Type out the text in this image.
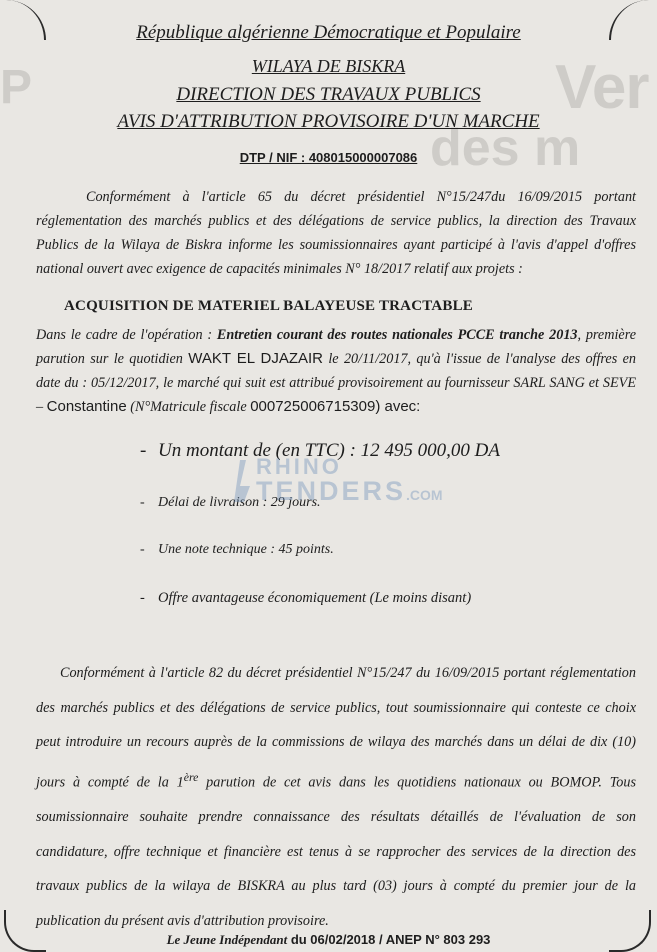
Ver
des m
P
République algérienne Démocratique et Populaire
WILAYA DE BISKRA
DIRECTION DES TRAVAUX PUBLICS
AVIS D'ATTRIBUTION PROVISOIRE D'UN MARCHE
DTP / NIF : 408015000007086
Conformément à l'article 65 du décret présidentiel N°15/247du 16/09/2015 portant réglementation des marchés publics et des délégations de service publics, la direction des Travaux Publics de la Wilaya de Biskra informe les soumissionnaires ayant participé à l'avis d'appel d'offres national ouvert avec exigence de capacités minimales N° 18/2017 relatif aux projets :
ACQUISITION DE MATERIEL BALAYEUSE TRACTABLE
Dans le cadre de l'opération : Entretien courant des routes nationales PCCE tranche 2013, première parution sur le quotidien WAKT EL DJAZAIR le 20/11/2017, qu'à l'issue de l'analyse des offres en date du : 05/12/2017, le marché qui suit est attribué provisoirement au fournisseur SARL SANG et SEVE – Constantine (N°Matricule fiscale 000725006715309) avec:
- Un montant de (en TTC) : 12 495 000,00 DA
- Délai de livraison : 29 jours.
- Une note technique : 45 points.
- Offre avantageuse économiquement (Le moins disant)
RHINO
TENDERS.COM
Conformément à l'article 82 du décret présidentiel N°15/247 du 16/09/2015 portant réglementation des marchés publics et des délégations de service publics, tout soumissionnaire qui conteste ce choix peut introduire un recours auprès de la commissions de wilaya des marchés dans un délai de dix (10) jours à compté de la 1ère parution de cet avis dans les quotidiens nationaux ou BOMOP. Tous soumissionnaire souhaite prendre connaissance des résultats détaillés de l'évaluation de son candidature, offre technique et financière est tenus à se rapprocher des services de la direction des travaux publics de la wilaya de BISKRA au plus tard (03) jours à compté du premier jour de la publication du présent avis d'attribution provisoire.
Le Jeune Indépendant du 06/02/2018 / ANEP N° 803 293
